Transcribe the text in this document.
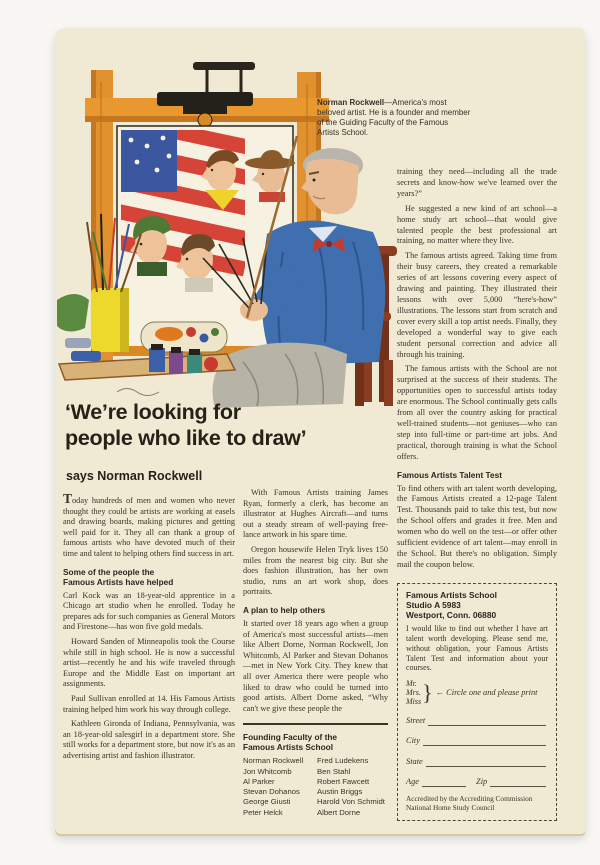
Norman Rockwell—America's most beloved artist. He is a founder and member of the Guiding Faculty of the Famous Artists School.
‘We’re looking for
people who like to draw’
says Norman Rockwell

Today hundreds of men and women who never thought they could be artists are working at easels and drawing boards, making pictures and getting well paid for it. They all can thank a group of famous artists who have devoted much of their time and talent to helping others find success in art.

Some of the people the
Famous Artists have helped

Carl Kock was an 18-year-old apprentice in a Chicago art studio when he enrolled. Today he prepares ads for such companies as General Motors and Firestone—has won five gold medals.

Howard Sanden of Minneapolis took the Course while still in high school. He is now a successful artist—recently he and his wife traveled through Europe and the Middle East on important art assignments.

Paul Sullivan enrolled at 14. His Famous Artists training helped him work his way through college.

Kathleen Gironda of Indiana, Pennsylvania, was an 18-year-old salesgirl in a department store. She still works for a department store, but now it's as an advertising artist and fashion illustrator.

With Famous Artists training James Ryan, formerly a clerk, has become an illustrator at Hughes Aircraft—and turns out a steady stream of well-paying free-lance artwork in his spare time.

Oregon housewife Helen Tryk lives 150 miles from the nearest big city. But she does fashion illustration, has her own studio, runs an art work shop, does portraits.

A plan to help others

It started over 18 years ago when a group of America's most successful artists—men like Albert Dorne, Norman Rockwell, Jon Whitcomb, Al Parker and Stevan Dohanos—met in New York City. They knew that all over America there were people who liked to draw who could be turned into good artists. Albert Dorne asked, “Why can't we give these people the

Founding Faculty of the
Famous Artists School
Norman Rockwell
Jon Whitcomb
Al Parker
Stevan Dohanos
George Giusti
Peter Helck
Fred Ludekens
Ben Stahl
Robert Fawcett
Austin Briggs
Harold Von Schmidt
Albert Dorne

training they need—including all the trade secrets and know-how we've learned over the years?”

He suggested a new kind of art school—a home study art school—that would give talented people the best professional art training, no matter where they live.

The famous artists agreed. Taking time from their busy careers, they created a remarkable series of art lessons covering every aspect of drawing and painting. They illustrated their lessons with over 5,000 “here's-how” illustrations. The lessons start from scratch and cover every skill a top artist needs. Finally, they developed a wonderful way to give each student personal correction and advice all through his training.

The famous artists with the School are not surprised at the success of their students. The opportunities open to successful artists today are enormous. The School continually gets calls from all over the country asking for practical well-trained students—not geniuses—who can step into full-time or part-time art jobs. And practical, thorough training is what the School offers.

Famous Artists Talent Test

To find others with art talent worth developing, the Famous Artists created a 12-page Talent Test. Thousands paid to take this test, but now the School offers and grades it free. Men and women who do well on the test—or offer other sufficient evidence of art talent—may enroll in the School. But there's no obligation. Simply mail the coupon below.

Famous Artists School
Studio A 5983
Westport, Conn. 06880
I would like to find out whether I have art talent worth developing. Please send me, without obligation, your Famous Artists Talent Test and information about your courses.
Mr.
Mrs.
Miss } ← Circle one and please print
Street
City
State
Age	Zip
Accredited by the Accrediting Commission
National Home Study Council
